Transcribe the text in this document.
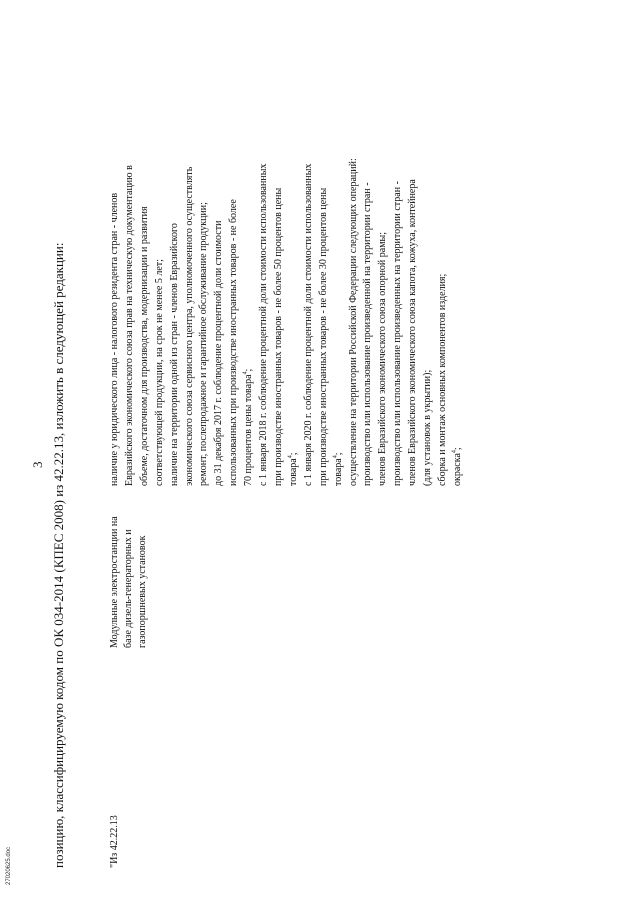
3 позицию, классифицируемую кодом по ОК 034-2014 (КПЕС 2008) из 42.22.13, изложить в следующей редакции:	"Из 42.22.13
Модульные электростанции на базе дизель-генераторных и газопоршневых установок
наличие у юридического лица - налогового резидента стран - членов Евразийского экономического союза прав на техническую документацию в объеме, достаточном для производства, модернизации и развития соответствующей продукции, на срок не менее 5 лет; наличие на территории одной из стран - членов Евразийского экономического союза сервисного центра, уполномоченного осуществлять ремонт, послепродажное и гарантийное обслуживание продукции; до 31 декабря 2017 г. соблюдение процентной доли стоимости использованных при производстве иностранных товаров - не более 70 процентов цены товара$^4$; с 1 января 2018 г. соблюдение процентной доли стоимости использованных при производстве иностранных товаров - не более 50 процентов цены товара$^4$; с 1 января 2020 г. соблюдение процентной доли стоимости использованных при производстве иностранных товаров - не более 30 процентов цены товара$^4$; осуществление на территории Российской Федерации следующих операций: производство или использование произведенной на территории стран - членов Евразийского экономического союза опорной рамы; производство или использование произведенных на территории стран - членов Евразийского экономического союза капота, кожуха, контейнера (для установок в укрытии); сборка и монтаж основных компонентов изделия; окраска$^4$;
27020625.doc
